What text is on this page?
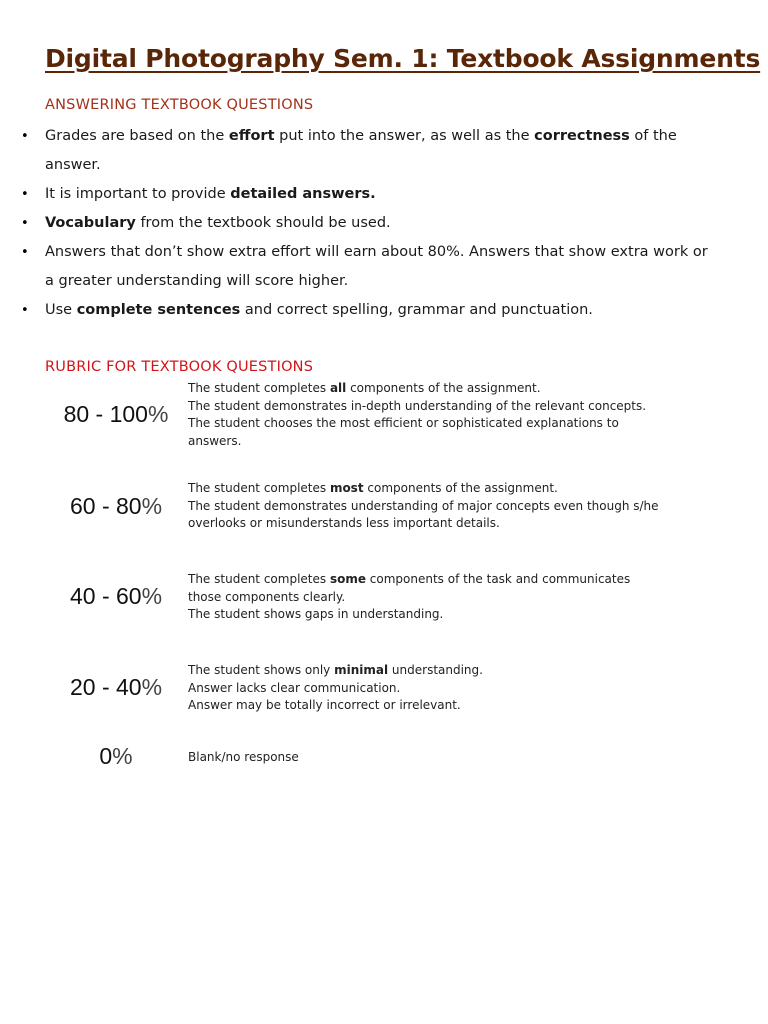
Digital Photography Sem. 1: Textbook Assignments
ANSWERING TEXTBOOK QUESTIONS
• Grades are based on the effort put into the answer, as well as the correctness of the answer.
• It is important to provide detailed answers.
• Vocabulary from the textbook should be used.
• Answers that don’t show extra effort will earn about 80%. Answers that show extra work or a greater understanding will score higher.
• Use complete sentences and correct spelling, grammar and punctuation.
RUBRIC FOR TEXTBOOK QUESTIONS
80 - 100%
The student completes all components of the assignment.
The student demonstrates in-depth understanding of the relevant concepts.
The student chooses the most efficient or sophisticated explanations to
answers.
60 - 80%
The student completes most components of the assignment.
The student demonstrates understanding of major concepts even though s/he
overlooks or misunderstands less important details.
40 - 60%
The student completes some components of the task and communicates
those components clearly.
The student shows gaps in understanding.
20 - 40%
The student shows only minimal understanding.
Answer lacks clear communication.
Answer may be totally incorrect or irrelevant.
0%	Blank/no response
